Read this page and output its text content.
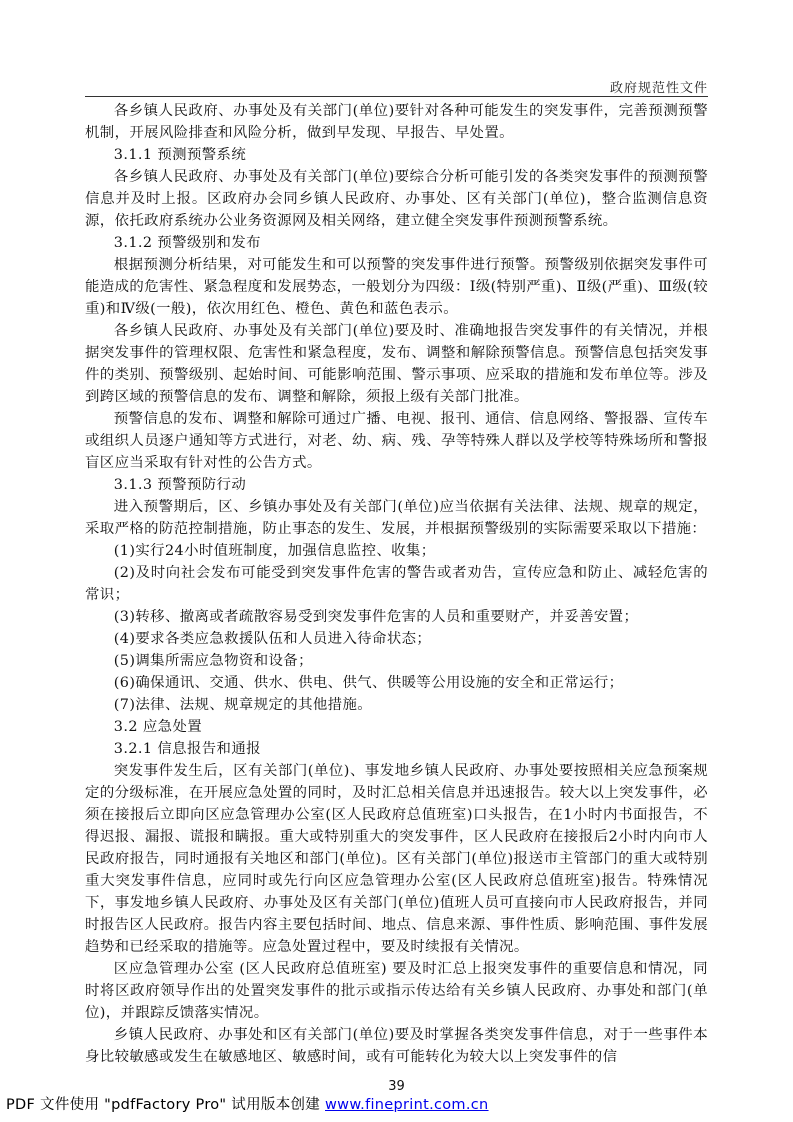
政府规范性文件

各乡镇人民政府、办事处及有关部门(单位)要针对各种可能发生的突发事件，完善预测预警机制，开展风险排查和风险分析，做到早发现、早报告、早处置。

3.1.1 预测预警系统

各乡镇人民政府、办事处及有关部门(单位)要综合分析可能引发的各类突发事件的预测预警信息并及时上报。区政府办会同乡镇人民政府、办事处、区有关部门(单位)，整合监测信息资源，依托政府系统办公业务资源网及相关网络，建立健全突发事件预测预警系统。

3.1.2 预警级别和发布

根据预测分析结果，对可能发生和可以预警的突发事件进行预警。预警级别依据突发事件可能造成的危害性、紧急程度和发展势态，一般划分为四级：Ⅰ级(特别严重)、Ⅱ级(严重)、Ⅲ级(较重)和Ⅳ级(一般)，依次用红色、橙色、黄色和蓝色表示。

各乡镇人民政府、办事处及有关部门(单位)要及时、准确地报告突发事件的有关情况，并根据突发事件的管理权限、危害性和紧急程度，发布、调整和解除预警信息。预警信息包括突发事件的类别、预警级别、起始时间、可能影响范围、警示事项、应采取的措施和发布单位等。涉及到跨区域的预警信息的发布、调整和解除，须报上级有关部门批准。

预警信息的发布、调整和解除可通过广播、电视、报刊、通信、信息网络、警报器、宣传车或组织人员逐户通知等方式进行，对老、幼、病、残、孕等特殊人群以及学校等特殊场所和警报盲区应当采取有针对性的公告方式。

3.1.3 预警预防行动

进入预警期后，区、乡镇办事处及有关部门(单位)应当依据有关法律、法规、规章的规定，采取严格的防范控制措施，防止事态的发生、发展，并根据预警级别的实际需要采取以下措施：

(1)实行24小时值班制度，加强信息监控、收集；

(2)及时向社会发布可能受到突发事件危害的警告或者劝告，宣传应急和防止、减轻危害的常识；

(3)转移、撤离或者疏散容易受到突发事件危害的人员和重要财产，并妥善安置；

(4)要求各类应急救援队伍和人员进入待命状态；

(5)调集所需应急物资和设备；

(6)确保通讯、交通、供水、供电、供气、供暖等公用设施的安全和正常运行；

(7)法律、法规、规章规定的其他措施。

3.2 应急处置
3.2.1 信息报告和通报

突发事件发生后，区有关部门(单位)、事发地乡镇人民政府、办事处要按照相关应急预案规定的分级标准，在开展应急处置的同时，及时汇总相关信息并迅速报告。较大以上突发事件，必须在接报后立即向区应急管理办公室(区人民政府总值班室)口头报告，在1小时内书面报告，不得迟报、漏报、谎报和瞒报。重大或特别重大的突发事件，区人民政府在接报后2小时内向市人民政府报告，同时通报有关地区和部门(单位)。区有关部门(单位)报送市主管部门的重大或特别重大突发事件信息，应同时或先行向区应急管理办公室(区人民政府总值班室)报告。特殊情况下，事发地乡镇人民政府、办事处及区有关部门(单位)值班人员可直接向市人民政府报告，并同时报告区人民政府。报告内容主要包括时间、地点、信息来源、事件性质、影响范围、事件发展趋势和已经采取的措施等。应急处置过程中，要及时续报有关情况。

区应急管理办公室 (区人民政府总值班室) 要及时汇总上报突发事件的重要信息和情况，同时将区政府领导作出的处置突发事件的批示或指示传达给有关乡镇人民政府、办事处和部门(单位)，并跟踪反馈落实情况。

乡镇人民政府、办事处和区有关部门(单位)要及时掌握各类突发事件信息，对于一些事件本身比较敏感或发生在敏感地区、敏感时间，或有可能转化为较大以上突发事件的信

39
PDF 文件使用 "pdfFactory Pro" 试用版本创建 www.fineprint.com.cn
